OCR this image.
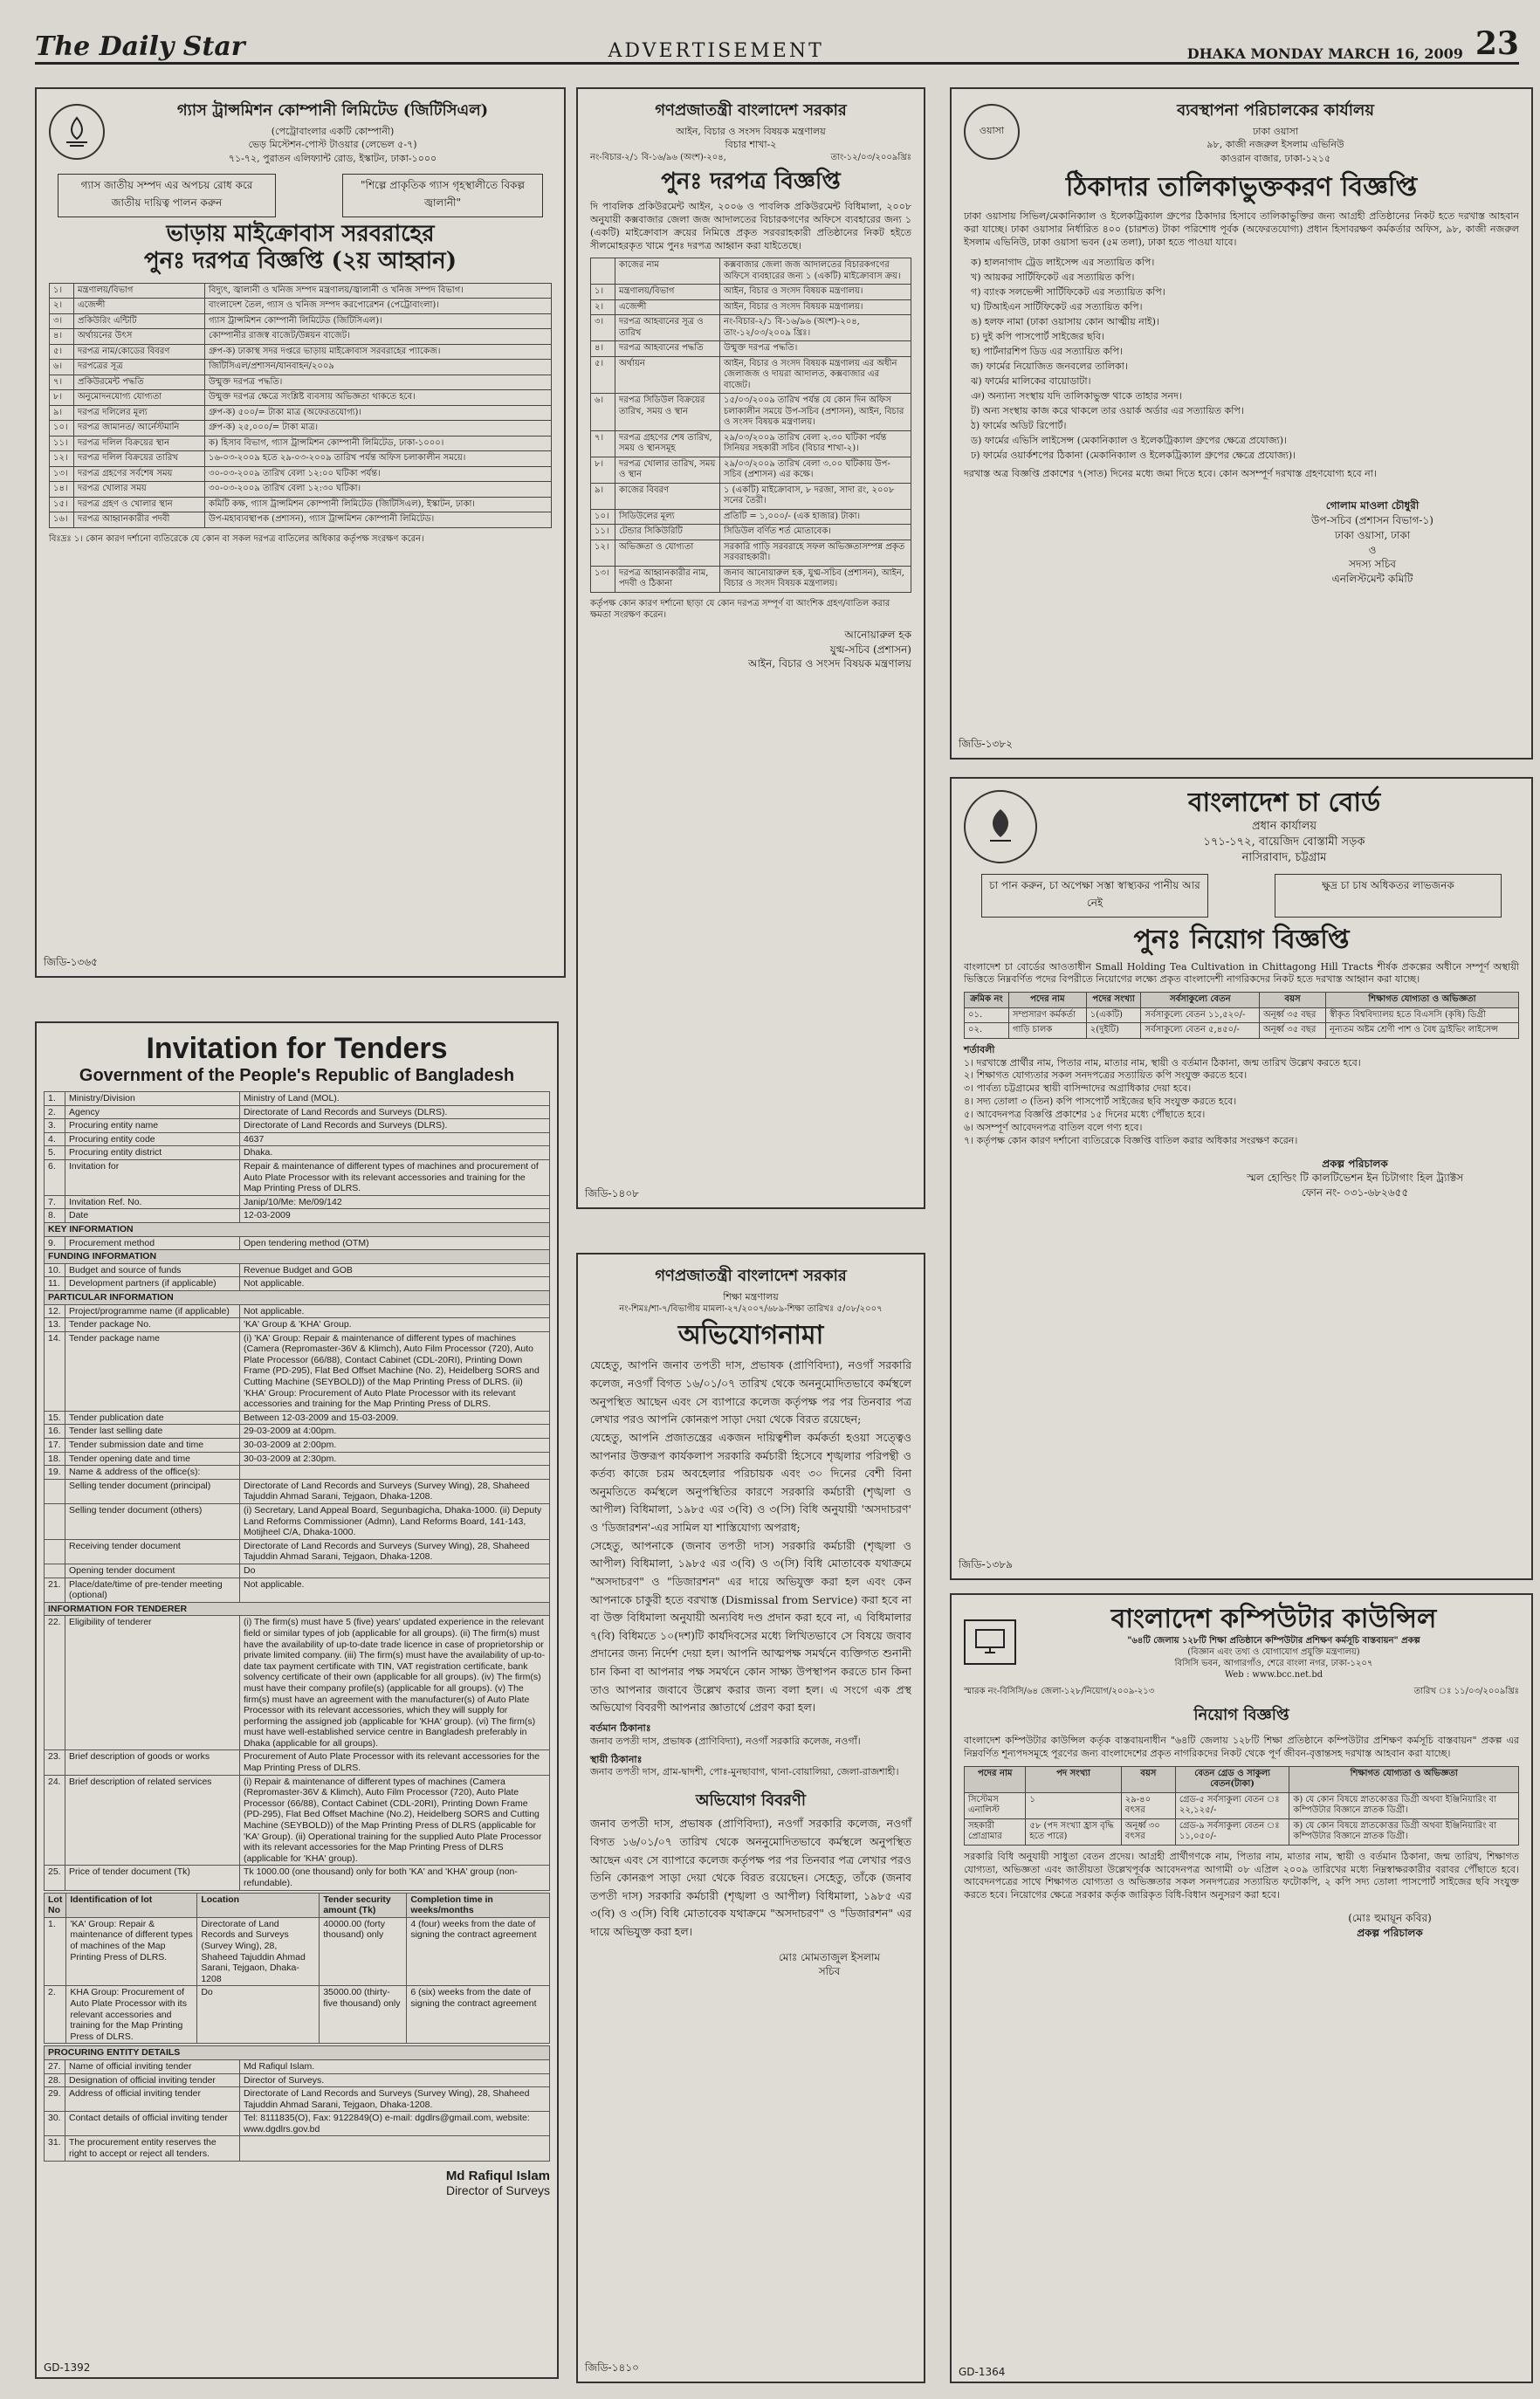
The Daily Star	ADVERTISEMENT	DHAKA MONDAY MARCH 16, 2009 23
গ্যাস ট্রান্সমিশন কোম্পানী লিমিটেড (জিটিসিএল)
(পেট্রোবাংলার একটি কোম্পানী)
ভেড় মিস্টেশন-পোস্ট টাওয়ার (লেভেল ৫-৭)
৭১-৭২, পুরাতন এলিফ্যান্ট রোড, ইস্কাটন, ঢাকা-১০০০
গ্যাস জাতীয় সম্পদ এর অপচয় রোধ করে জাতীয় দায়িত্ব পালন করুন
"শিল্পে প্রাকৃতিক গ্যাস গৃহস্থালীতে বিকল্প জ্বালানী"
ভাড়ায় মাইক্রোবাস সরবরাহের
পুনঃ দরপত্র বিজ্ঞপ্তি (২য় আহ্বান)
১।	মন্ত্রণালয়/বিভাগ	বিদ্যুৎ, জ্বালানী ও খনিজ সম্পদ মন্ত্রণালয়/জ্বালানী ও খনিজ সম্পদ বিভাগ।
২।	এজেন্সী	বাংলাদেশ তৈল, গ্যাস ও খনিজ সম্পদ করপোরেশন (পেট্রোবাংলা)।
৩।	প্রকিউরিং এন্টিটি	গ্যাস ট্রান্সমিশন কোম্পানী লিমিটেড (জিটিসিএল)।
৪।	অর্থায়নের উৎস	কোম্পানীর রাজস্ব বাজেট/উন্নয়ন বাজেট।
৫।	দরপত্র নাম/কোডের বিবরণ	গ্রুপ-ক) ঢাকাস্থ সদর দপ্তরে ভাড়ায় মাইক্রোবাস সরবরাহের প্যাকেজ।
৬।	দরপত্রের সূত্র	জিটিসিএল/প্রশাসন/যানবাহন/২০০৯
৭।	প্রকিউরমেন্ট পদ্ধতি	উন্মুক্ত দরপত্র পদ্ধতি।
৮।	অনুমোদনযোগ্য যোগ্যতা	উন্মুক্ত দরপত্র ক্ষেত্রে সংশ্লিষ্ট ব্যবসায় অভিজ্ঞতা থাকতে হবে।
৯।	দরপত্র দলিলের মূল্য	গ্রুপ-ক) ৫০০/= টাকা মাত্র (অফেরতযোগ্য)।
১০।	দরপত্র জামানত/ আর্নেস্টমানি	গ্রুপ-ক) ২৫,০০০/= টাকা মাত্র।
১১।	দরপত্র দলিল বিক্রয়ের স্থান	ক) হিসাব বিভাগ, গ্যাস ট্রান্সমিশন কোম্পানী লিমিটেড, ঢাকা-১০০০।
১২।	দরপত্র দলিল বিক্রয়ের তারিখ	১৬-০৩-২০০৯ হতে ২৯-০৩-২০০৯ তারিখ পর্যন্ত অফিস চলাকালীন সময়ে।
১৩।	দরপত্র গ্রহণের সর্বশেষ সময়	৩০-০৩-২০০৯ তারিখ বেলা ১২:০০ ঘটিকা পর্যন্ত।
১৪।	দরপত্র খোলার সময়	৩০-০৩-২০০৯ তারিখ বেলা ১২:৩০ ঘটিকা।
১৫।	দরপত্র গ্রহণ ও খোলার স্থান	কমিটি কক্ষ, গ্যাস ট্রান্সমিশন কোম্পানী লিমিটেড (জিটিসিএল), ইস্কাটন, ঢাকা।
১৬।	দরপত্র আহ্বানকারীর পদবী	উপ-মহাব্যবস্থাপক (প্রশাসন), গ্যাস ট্রান্সমিশন কোম্পানী লিমিটেড।
বিঃদ্রঃ ১। কোন কারণ দর্শানো ব্যতিরেকে যে কোন বা সকল দরপত্র বাতিলের অধিকার কর্তৃপক্ষ সংরক্ষণ করেন।
জিডি-১৩৬৫
গণপ্রজাতন্ত্রী বাংলাদেশ সরকার
আইন, বিচার ও সংসদ বিষয়ক মন্ত্রণালয়
বিচার শাখা-২
নং-বিচার-২/১ বি-১৬/৯৬ (অংশ)-২০৪,	তাং-১২/০৩/২০০৯খ্রিঃ
পুনঃ দরপত্র বিজ্ঞপ্তি
দি পাবলিক প্রকিউরমেন্ট আইন, ২০০৬ ও পাবলিক প্রকিউরমেন্ট বিধিমালা, ২০০৮ অনুযায়ী কক্সবাজার জেলা জজ আদালতের বিচারকগণের অফিসে ব্যবহারের জন্য ১ (একটি) মাইক্রোবাস ক্রয়ের নিমিত্তে প্রকৃত সরবরাহকারী প্রতিষ্ঠানের নিকট হইতে সীলমোহরকৃত খামে পুনঃ দরপত্র আহ্বান করা যাইতেছে।
	কাজের নাম	কক্সবাজার জেলা জজ আদালতের বিচারকগণের অফিসে ব্যবহারের জন্য ১ (একটি) মাইক্রোবাস ক্রয়।
১।	মন্ত্রণালয়/বিভাগ	আইন, বিচার ও সংসদ বিষয়ক মন্ত্রণালয়।
২।	এজেন্সী	আইন, বিচার ও সংসদ বিষয়ক মন্ত্রণালয়।
৩।	দরপত্র আহবানের সূত্র ও তারিখ	নং-বিচার-২/১ বি-১৬/৯৬ (অংশ)-২০৪, তাং-১২/০৩/২০০৯ খ্রিঃ।
৪।	দরপত্র আহবানের পদ্ধতি	উন্মুক্ত দরপত্র পদ্ধতি।
৫।	অর্থায়ন	আইন, বিচার ও সংসদ বিষয়ক মন্ত্রণালয় এর অধীন জেলাজজ ও দায়রা আদালত, কক্সবাজার এর বাজেট।
৬।	দরপত্র সিডিউল বিক্রয়ের তারিখ, সময় ও স্থান	১৫/০৩/২০০৯ তারিখ পর্যন্ত যে কোন দিন অফিস চলাকালীন সময়ে উপ-সচিব (প্রশাসন), আইন, বিচার ও সংসদ বিষয়ক মন্ত্রণালয়।
৭।	দরপত্র গ্রহণের শেষ তারিখ, সময় ও স্থানসমূহ	২৯/০৩/২০০৯ তারিখ বেলা ২.৩০ ঘটিকা পর্যন্ত সিনিয়র সহকারী সচিব (বিচার শাখা-২)।
৮।	দরপত্র খোলার তারিখ, সময় ও স্থান	২৯/০৩/২০০৯ তারিখ বেলা ৩.০০ ঘটিকায় উপ-সচিব (প্রশাসন) এর কক্ষে।
৯।	কাজের বিবরণ	১ (একটি) মাইক্রোবাস, ৮ দরজা, সাদা রং, ২০০৮ সনের তৈরী।
১০।	সিডিউলের মূল্য	প্রতিটি = ১,০০০/- (এক হাজার) টাকা।
১১।	টেন্ডার সিকিউরিটি	সিডিউল বর্ণিত শর্ত মোতাবেক।
১২।	অভিজ্ঞতা ও যোগ্যতা	সরকারি গাড়ি সরবরাহে সফল অভিজ্ঞতাসম্পন্ন প্রকৃত সরবরাহকারী।
১৩।	দরপত্র আহ্বানকারীর নাম, পদবী ও ঠিকানা	জনাব আনোয়ারুল হক, যুগ্ম-সচিব (প্রশাসন), আইন, বিচার ও সংসদ বিষয়ক মন্ত্রণালয়।
কর্তৃপক্ষ কোন কারণ দর্শানো ছাড়া যে কোন দরপত্র সম্পূর্ণ বা আংশিক গ্রহণ/বাতিল করার ক্ষমতা সংরক্ষণ করেন।
আনোয়ারুল হক
যুগ্ম-সচিব (প্রশাসন)
আইন, বিচার ও সংসদ বিষয়ক মন্ত্রণালয়
জিডি-১৪০৮
ওয়াসা
ব্যবস্থাপনা পরিচালকের কার্যালয়
ঢাকা ওয়াসা
৯৮, কাজী নজরুল ইসলাম এভিনিউ
কাওরান বাজার, ঢাকা-১২১৫
ঠিকাদার তালিকাভুক্তকরণ বিজ্ঞপ্তি
ঢাকা ওয়াসায় সিভিল/মেকানিক্যাল ও ইলেকট্রিক্যাল গ্রুপের ঠিকাদার হিসাবে তালিকাভুক্তির জন্য আগ্রহী প্রতিষ্ঠানের নিকট হতে দরখাস্ত আহবান করা যাচ্ছে। ঢাকা ওয়াসার নির্ধারিত ৪০০ (চারশত) টাকা পরিশোধ পূর্বক (অফেরতযোগ্য) প্রধান হিসাবরক্ষণ কর্মকর্তার অফিস, ৯৮, কাজী নজরুল ইসলাম এভিনিউ, ঢাকা ওয়াসা ভবন (৫ম তলা), ঢাকা হতে পাওয়া যাবে।
ক) হালনাগাদ ট্রেড লাইসেন্স এর সত্যায়িত কপি।
খ) আয়কর সার্টিফিকেট এর সত্যায়িত কপি।
গ) ব্যাংক সলভেন্সী সার্টিফিকেট এর সত্যায়িত কপি।
ঘ) টিআইএন সার্টিফিকেট এর সত্যায়িত কপি।
ঙ) হলফ নামা (ঢাকা ওয়াসায় কোন আত্মীয় নাই)।
চ) দুই কপি পাসপোর্ট সাইজের ছবি।
ছ) পার্টনারশিপ ডিড এর সত্যায়িত কপি।
জ) ফার্মের নিয়োজিত জনবলের তালিকা।
ঝ) ফার্মের মালিকের বায়োডাটা।
ঞ) অন্যান্য সংস্থায় যদি তালিকাভুক্ত থাকে তাহার সনদ।
ট) অন্য সংস্থায় কাজ করে থাকলে তার ওয়ার্ক অর্ডার এর সত্যায়িত কপি।
ঠ) ফার্মের অডিট রিপোর্ট।
ড) ফার্মের এভিসি লাইসেন্স (মেকানিক্যাল ও ইলেকট্রিক্যাল গ্রুপের ক্ষেত্রে প্রযোজ্য)।
ঢ) ফার্মের ওয়ার্কশপের ঠিকানা (মেকানিক্যাল ও ইলেকট্রিক্যাল গ্রুপের ক্ষেত্রে প্রযোজ্য)।
দরখাস্ত অত্র বিজ্ঞপ্তি প্রকাশের ৭(সাত) দিনের মধ্যে জমা দিতে হবে। কোন অসম্পূর্ণ দরখাস্ত গ্রহণযোগ্য হবে না।
গোলাম মাওলা চৌধুরী
উপ-সচিব (প্রশাসন বিভাগ-১)
ঢাকা ওয়াসা, ঢাকা
ও
সদস্য সচিব
এনলিস্টমেন্ট কমিটি
জিডি-১৩৮২
বাংলাদেশ চা বোর্ড
প্রধান কার্যালয়
১৭১-১৭২, বায়েজিদ বোস্তামী সড়ক
নাসিরাবাদ, চট্টগ্রাম
চা পান করুন, চা অপেক্ষা সস্তা স্বাস্থ্যকর পানীয় আর নেই
ক্ষুদ্র চা চাষ অধিকতর লাভজনক
পুনঃ নিয়োগ বিজ্ঞপ্তি
বাংলাদেশ চা বোর্ডের আওতাধীন Small Holding Tea Cultivation in Chittagong Hill Tracts শীর্ষক প্রকল্পের অধীনে সম্পূর্ণ অস্থায়ী ভিত্তিতে নিম্নবর্ণিত পদের বিপরীতে নিয়োগের লক্ষ্যে প্রকৃত বাংলাদেশী নাগরিকদের নিকট হতে দরখাস্ত আহ্বান করা যাচ্ছে।
ক্রমিক নং	পদের নাম	পদের সংখ্যা	সর্বসাকুল্যে বেতন	বয়স	শিক্ষাগত যোগ্যতা ও অভিজ্ঞতা
০১.	সম্প্রসারণ কর্মকর্তা	১(একটি)	সর্বসাকুল্যে বেতন ১১,৫২০/-	অনূর্ধ্ব ৩৫ বছর	স্বীকৃত বিশ্ববিদ্যালয় হতে বিএসসি (কৃষি) ডিগ্রী
০২.	গাড়ি চালক	২(দুইটি)	সর্বসাকুল্যে বেতন ৫,৪৫০/-	অনূর্ধ্ব ৩৫ বছর	নূন্যতম অষ্টম শ্রেণী পাশ ও বৈধ ড্রাইভিং লাইসেন্স
শর্তাবলী
১। দরখাস্তে প্রার্থীর নাম, পিতার নাম, মাতার নাম, স্থায়ী ও বর্তমান ঠিকানা, জন্ম তারিখ উল্লেখ করতে হবে।
২। শিক্ষাগত যোগ্যতার সকল সনদপত্রের সত্যায়িত কপি সংযুক্ত করতে হবে।
৩। পার্বত্য চট্টগ্রামের স্থায়ী বাসিন্দাদের অগ্রাধিকার দেয়া হবে।
৪। সদ্য তোলা ৩ (তিন) কপি পাসপোর্ট সাইজের ছবি সংযুক্ত করতে হবে।
৫। আবেদনপত্র বিজ্ঞপ্তি প্রকাশের ১৫ দিনের মধ্যে পৌঁছাতে হবে।
৬। অসম্পূর্ণ আবেদনপত্র বাতিল বলে গণ্য হবে।
৭। কর্তৃপক্ষ কোন কারণ দর্শানো ব্যতিরেকে বিজ্ঞপ্তি বাতিল করার অধিকার সংরক্ষণ করেন।
প্রকল্প পরিচালক
স্মল হোল্ডিং টি কালটিভেশন ইন চিটাগাং হিল ট্র্যাক্টস
ফোন নং- ০৩১-৬৮২৬৫৫
জিডি-১৩৮৯
Invitation for Tenders
Government of the People's Republic of Bangladesh
1.	Ministry/Division	Ministry of Land (MOL).
2.	Agency	Directorate of Land Records and Surveys (DLRS).
3.	Procuring entity name	Directorate of Land Records and Surveys (DLRS).
4.	Procuring entity code	4637
5.	Procuring entity district	Dhaka.
6.	Invitation for	Repair & maintenance of different types of machines and procurement of Auto Plate Processor with its relevant accessories and training for the Map Printing Press of DLRS.
7.	Invitation Ref. No.	Janip/10/Me: Me/09/142
8.	Date	12-03-2009
KEY INFORMATION		
9.	Procurement method	Open tendering method (OTM)
FUNDING INFORMATION		
10.	Budget and source of funds	Revenue Budget and GOB
11.	Development partners (if applicable)	Not applicable.
PARTICULAR INFORMATION		
12.	Project/programme name (if applicable)	Not applicable.
13.	Tender package No.	'KA' Group & 'KHA' Group.
14.	Tender package name	(i) 'KA' Group: Repair & maintenance of different types of machines (Camera (Repromaster-36V & Klimch), Auto Film Processor (720), Auto Plate Processor (66/88), Contact Cabinet (CDL-20RI), Printing Down Frame (PD-295), Flat Bed Offset Machine (No. 2), Heidelberg SORS and Cutting Machine (SEYBOLD)) of the Map Printing Press of DLRS. (ii) 'KHA' Group: Procurement of Auto Plate Processor with its relevant accessories and training for the Map Printing Press of DLRS.
15.	Tender publication date	Between 12-03-2009 and 15-03-2009.
16.	Tender last selling date	29-03-2009 at 4:00pm.
17.	Tender submission date and time	30-03-2009 at 2:00pm.
18.	Tender opening date and time	30-03-2009 at 2:30pm.
19.	Name & address of the office(s):	
	Selling tender document (principal)	Directorate of Land Records and Surveys (Survey Wing), 28, Shaheed Tajuddin Ahmad Sarani, Tejgaon, Dhaka-1208.
	Selling tender document (others)	(i) Secretary, Land Appeal Board, Segunbagicha, Dhaka-1000. (ii) Deputy Land Reforms Commissioner (Admn), Land Reforms Board, 141-143, Motijheel C/A, Dhaka-1000.
	Receiving tender document	Directorate of Land Records and Surveys (Survey Wing), 28, Shaheed Tajuddin Ahmad Sarani, Tejgaon, Dhaka-1208.
	Opening tender document	Do
21.	Place/date/time of pre-tender meeting (optional)	Not applicable.
INFORMATION FOR TENDERER		
22.	Eligibility of tenderer	(i) The firm(s) must have 5 (five) years' updated experience in the relevant field or similar types of job (applicable for all groups). (ii) The firm(s) must have the availability of up-to-date trade licence in case of proprietorship or private limited company. (iii) The firm(s) must have the availability of up-to-date tax payment certificate with TIN, VAT registration certificate, bank solvency certificate of their own (applicable for all groups). (iv) The firm(s) must have their company profile(s) (applicable for all groups). (v) The firm(s) must have an agreement with the manufacturer(s) of Auto Plate Processor with its relevant accessories, which they will supply for performing the assigned job (applicable for 'KHA' group). (vi) The firm(s) must have well-established service centre in Bangladesh preferably in Dhaka (applicable for all groups).
23.	Brief description of goods or works	Procurement of Auto Plate Processor with its relevant accessories for the Map Printing Press of DLRS.
24.	Brief description of related services	(i) Repair & maintenance of different types of machines (Camera (Repromaster-36V & Klimch), Auto Film Processor (720), Auto Plate Processor (66/88), Contact Cabinet (CDL-20RI), Printing Down Frame (PD-295), Flat Bed Offset Machine (No.2), Heidelberg SORS and Cutting Machine (SEYBOLD)) of the Map Printing Press of DLRS (applicable for 'KA' Group). (ii) Operational training for the supplied Auto Plate Processor with its relevant accessories for the Map Printing Press of DLRS (applicable for 'KHA' group).
25.	Price of tender document (Tk)	Tk 1000.00 (one thousand) only for both 'KA' and 'KHA' group (non-refundable).
Lot No	Identification of lot	Location	Tender security amount (Tk)	Completion time in weeks/months
1.	'KA' Group: Repair & maintenance of different types of machines of the Map Printing Press of DLRS.	Directorate of Land Records and Surveys (Survey Wing), 28, Shaheed Tajuddin Ahmad Sarani, Tejgaon, Dhaka-1208	40000.00 (forty thousand) only	4 (four) weeks from the date of signing the contract agreement
2.	KHA Group: Procurement of Auto Plate Processor with its relevant accessories and training for the Map Printing Press of DLRS.	Do	35000.00 (thirty-five thousand) only	6 (six) weeks from the date of signing the contract agreement
PROCURING ENTITY DETAILS		
27.	Name of official inviting tender	Md Rafiqul Islam.
28.	Designation of official inviting tender	Director of Surveys.
29.	Address of official inviting tender	Directorate of Land Records and Surveys (Survey Wing), 28, Shaheed Tajuddin Ahmad Sarani, Tejgaon, Dhaka-1208.
30.	Contact details of official inviting tender	Tel: 8111835(O), Fax: 9122849(O) e-mail: dgdlrs@gmail.com, website: www.dgdlrs.gov.bd
31.	The procurement entity reserves the right to accept or reject all tenders.	
Md Rafiqul Islam
Director of Surveys
GD-1392
গণপ্রজাতন্ত্রী বাংলাদেশ সরকার
শিক্ষা মন্ত্রণালয়
নং-শিমঃ/শা-৭/বিভাগীয় মামলা-২৭/২০০৭/৬৮৯-শিক্ষা তারিখঃ ৫/০৮/২০০৭
অভিযোগনামা

যেহেতু, আপনি জনাব তপতী দাস, প্রভাষক (প্রাণিবিদ্যা), নওগাঁ সরকারি কলেজ, নওগাঁ বিগত ১৬/০১/০৭ তারিখ থেকে অননুমোদিতভাবে কর্মস্থলে অনুপস্থিত আছেন এবং সে ব্যাপারে কলেজ কর্তৃপক্ষ পর পর তিনবার পত্র লেখার পরও আপনি কোনরূপ সাড়া দেয়া থেকে বিরত রয়েছেন;

যেহেতু, আপনি প্রজাতন্ত্রের একজন দায়িত্বশীল কর্মকর্তা হওয়া সত্ত্বেও আপনার উক্তরূপ কার্যকলাপ সরকারি কর্মচারী হিসেবে শৃঙ্খলার পরিপন্থী ও কর্তব্য কাজে চরম অবহেলার পরিচায়ক এবং ৩০ দিনের বেশী বিনা অনুমতিতে কর্মস্থলে অনুপস্থিতির কারণে সরকারি কর্মচারী (শৃঙ্খলা ও আপীল) বিধিমালা, ১৯৮৫ এর ৩(বি) ও ৩(সি) বিধি অনুযায়ী 'অসদাচরণ' ও 'ডিজারশন'-এর সামিল যা শাস্তিযোগ্য অপরাধ;

সেহেতু, আপনাকে (জনাব তপতী দাস) সরকারি কর্মচারী (শৃঙ্খলা ও আপীল) বিধিমালা, ১৯৮৫ এর ৩(বি) ও ৩(সি) বিধি মোতাবেক যথাক্রমে "অসদাচরণ" ও "ডিজারশন" এর দায়ে অভিযুক্ত করা হল এবং কেন আপনাকে চাকুরী হতে বরখাস্ত (Dismissal from Service) করা হবে না বা উক্ত বিধিমালা অনুযায়ী অন্যবিধ দণ্ড প্রদান করা হবে না, এ বিধিমালার ৭(বি) বিধিমতে ১০(দশ)টি কার্যদিবসের মধ্যে লিখিতভাবে সে বিষয়ে জবাব প্রদানের জন্য নির্দেশ দেয়া হল। আপনি আত্মপক্ষ সমর্থনে ব্যক্তিগত শুনানী চান কিনা বা আপনার পক্ষ সমর্থনে কোন সাক্ষ্য উপস্থাপন করতে চান কিনা তাও আপনার জবাবে উল্লেখ করার জন্য বলা হল। এ সংগে এক প্রস্থ অভিযোগ বিবরণী আপনার জ্ঞাতার্থে প্রেরণ করা হল।

বর্তমান ঠিকানাঃ
জনাব তপতী দাস, প্রভাষক (প্রাণিবিদ্যা), নওগাঁ সরকারি কলেজ, নওগাঁ।
স্থায়ী ঠিকানাঃ
জনাব তপতী দাস, গ্রাম-দ্বাদশী, পোঃ-মুনছাবাগ, থানা-বোয়ালিয়া, জেলা-রাজশাহী।
অভিযোগ বিবরণী

জনাব তপতী দাস, প্রভাষক (প্রাণিবিদ্যা), নওগাঁ সরকারি কলেজ, নওগাঁ বিগত ১৬/০১/০৭ তারিখ থেকে অননুমোদিতভাবে কর্মস্থলে অনুপস্থিত আছেন এবং সে ব্যাপারে কলেজ কর্তৃপক্ষ পর পর তিনবার পত্র লেখার পরও তিনি কোনরূপ সাড়া দেয়া থেকে বিরত রয়েছেন। সেহেতু, তাঁকে (জনাব তপতী দাস) সরকারি কর্মচারী (শৃঙ্খলা ও আপীল) বিধিমালা, ১৯৮৫ এর ৩(বি) ও ৩(সি) বিধি মোতাবেক যথাক্রমে "অসদাচরণ" ও "ডিজারশন" এর দায়ে অভিযুক্ত করা হল।

মোঃ মোমতাজুল ইসলাম
সচিব
জিডি-১৪১০
বাংলাদেশ কম্পিউটার কাউন্সিল
"৬৪টি জেলায় ১২৮টি শিক্ষা প্রতিষ্ঠানে কম্পিউটার প্রশিক্ষণ কর্মসূচি বাস্তবায়ন" প্রকল্প
(বিজ্ঞান এবং তথ্য ও যোগাযোগ প্রযুক্তি মন্ত্রণালয়)
বিসিসি ভবন, আগারগাঁও, শেরে বাংলা নগর, ঢাকা-১২০৭
Web : www.bcc.net.bd
স্মারক নং-বিসিসি/৬৪ জেলা-১২৮/নিয়োগ/২০০৯-২১৩	তারিখ ঃ ১১/০৩/২০০৯খ্রিঃ
নিয়োগ বিজ্ঞপ্তি
বাংলাদেশ কম্পিউটার কাউন্সিল কর্তৃক বাস্তবায়নাধীন "৬৪টি জেলায় ১২৮টি শিক্ষা প্রতিষ্ঠানে কম্পিউটার প্রশিক্ষণ কর্মসূচি বাস্তবায়ন" প্রকল্প এর নিম্নবর্ণিত শূন্যপদসমূহে পূরণের জন্য বাংলাদেশের প্রকৃত নাগরিকদের নিকট থেকে পূর্ণ জীবন-বৃত্তান্তসহ দরখাস্ত আহবান করা যাচ্ছে।
পদের নাম	পদ সংখ্যা	বয়স	বেতন গ্রেড ও সাকুল্য বেতন(টাকা)	শিক্ষাগত যোগ্যতা ও অভিজ্ঞতা
সিস্টেমস এনালিস্ট	১	২৯-৪০ বৎসর	গ্রেড-৫ সর্বসাকুল্য বেতন ঃ ২২,১২৫/-	ক) যে কোন বিষয়ে স্নাতকোত্তর ডিগ্রী অথবা ইঞ্জিনিয়ারিং বা কম্পিউটার বিজ্ঞানে স্নাতক ডিগ্রী।
সহকারী প্রোগ্রামার	৫৮ (পদ সংখ্যা হ্রাস বৃদ্ধি হতে পারে)	অনূর্ধ্ব ৩০ বৎসর	গ্রেড-৯ সর্বসাকুল্য বেতন ঃ ১১,০৫০/-	ক) যে কোন বিষয়ে স্নাতকোত্তর ডিগ্রী অথবা ইঞ্জিনিয়ারিং বা কম্পিউটার বিজ্ঞানে স্নাতক ডিগ্রী।
সরকারি বিধি অনুযায়ী সাধুতা বেতন প্রদেয়। আগ্রহী প্রার্থীগণকে নাম, পিতার নাম, মাতার নাম, স্থায়ী ও বর্তমান ঠিকানা, জন্ম তারিখ, শিক্ষাগত যোগ্যতা, অভিজ্ঞতা এবং জাতীয়তা উল্লেখপূর্বক আবেদনপত্র আগামী ০৮ এপ্রিল ২০০৯ তারিখের মধ্যে নিম্নস্বাক্ষরকারীর বরাবর পৌঁছাতে হবে। আবেদনপত্রের সাথে শিক্ষাগত যোগ্যতা ও অভিজ্ঞতার সকল সনদপত্রের সত্যায়িত ফটোকপি, ২ কপি সদ্য তোলা পাসপোর্ট সাইজের ছবি সংযুক্ত করতে হবে। নিয়োগের ক্ষেত্রে সরকার কর্তৃক জারিকৃত বিধি-বিধান অনুসরণ করা হবে।
(মোঃ হুমায়ূন কবির)
প্রকল্প পরিচালক
GD-1364
